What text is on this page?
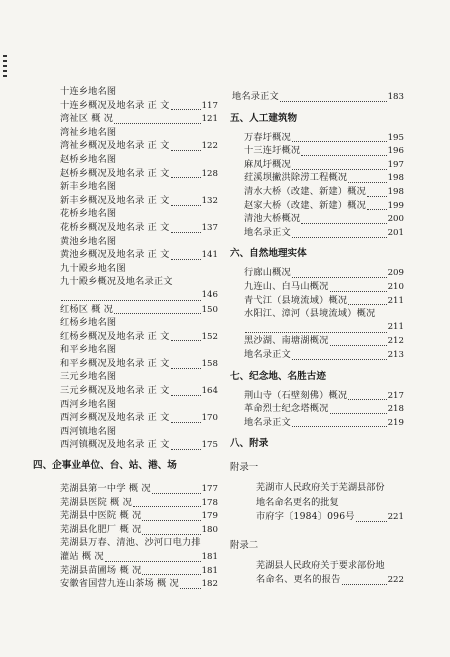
十连乡地名图
十连乡概况及地名录 正 文	117
湾祉区 概 况	121
湾祉乡地名图
湾祉乡概况及地名录 正 文	122
赵桥乡地名图
赵桥乡概况及地名录 正 文	128
新丰乡地名图
新丰乡概况及地名录 正 文	132
花桥乡地名图
花桥乡概况及地名录 正 文	137
黄池乡地名图
黄池乡概况及地名录 正 文	141
九十殿乡地名图
九十殿乡概况及地名录正文
146
红杨区 概 况	150
红杨乡地名图
红杨乡概况及地名录 正 文	152
和平乡地名图
和平乡概况及地名录 正 文	158
三元乡地名图
三元乡概况及地名录 正 文	164
西河乡地名图
西河乡概况及地名录 正 文	170
西河镇地名图
西河镇概况及地名录 正 文	175
四、企事业单位、台、站、港、场
芜湖县第一中学 概 况	177
芜湖县医院 概 况	178
芜湖县中医院 概 况	179
芜湖县化肥厂 概 况	180
芜湖县万春、清池、沙河口电力排
灌站 概 况	181
芜湖县苗圃场 概 况	181
安徽省国营九连山茶场 概 况	182
地名录正文	183
五、人工建筑物
万春圩概况	195
十三连圩概况	196
麻凤圩概况	197
荭溪坝撇洪除涝工程概况	198
清水大桥（改建、新建）概况	198
赵家大桥（改建、新建）概况	199
清池大桥概况	200
地名录正文	201
六、自然地理实体
行廊山概况	209
九连山、白马山概况	210
青弋江（县境流域）概况	211
水阳江、漳河（县境流域）概况
211
黑沙湖、南塘湖概况	212
地名录正文	213
七、纪念地、名胜古迹
荆山寺（石壁刻佛）概况	217
革命烈士纪念塔概况	218
地名录正文	219
八、附录
附录一
芜湖市人民政府关于芜湖县部份
地名命名更名的批复
市府字〔1984〕096号	221
附录二
芜湖县人民政府关于要求部份地
名命名、更名的报告	222
